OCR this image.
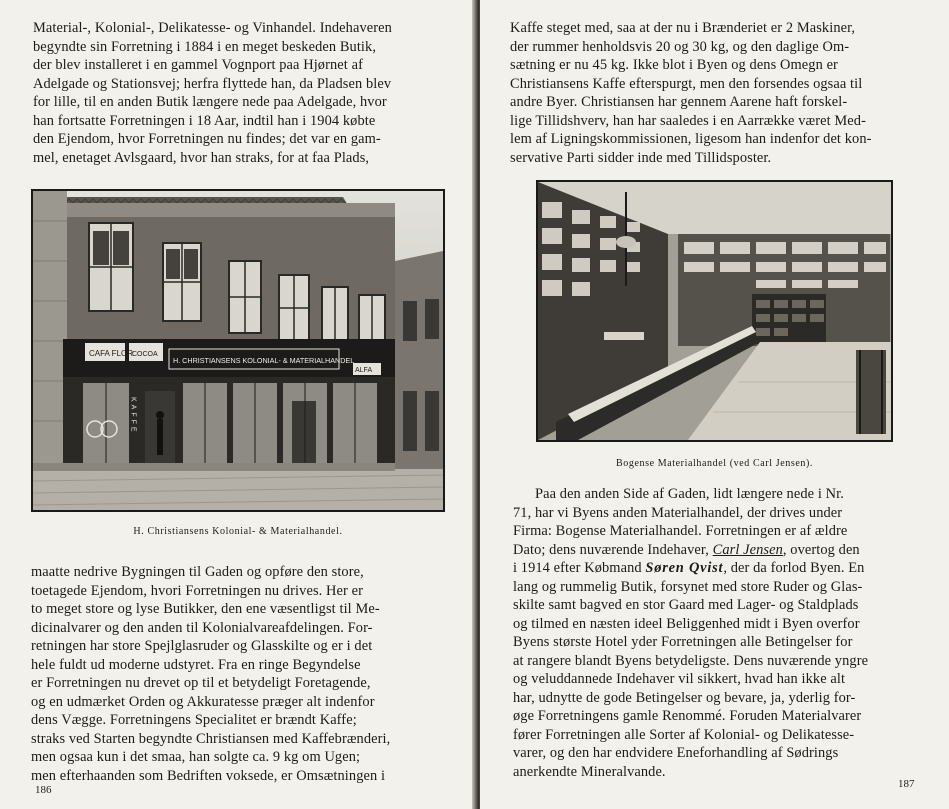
Material-, Kolonial-, Delikatesse- og Vinhandel. Indehaveren

begyndte sin Forretning i 1884 i en meget beskeden Butik,

der blev installeret i en gammel Vognport paa Hjørnet af

Adelgade og Stationsvej; herfra flyttede han, da Pladsen blev

for lille, til en anden Butik længere nede paa Adelgade, hvor

han fortsatte Forretningen i 18 Aar, indtil han i 1904 købte

den Ejendom, hvor Forretningen nu findes; det var en gam-

mel, enetaget Avlsgaard, hvor han straks, for at faa Plads,

CAFA FLOR
COCOA
H. CHRISTIANSENS KOLONIAL- & MATERIALHANDEL
ALFA
KAFFE
H. Christiansens Kolonial- & Materialhandel.

maatte nedrive Bygningen til Gaden og opføre den store,

toetagede Ejendom, hvori Forretningen nu drives. Her er

to meget store og lyse Butikker, den ene væsentligst til Me-

dicinalvarer og den anden til Kolonialvareafdelingen. For-

retningen har store Spejlglasruder og Glasskilte og er i det

hele fuldt ud moderne udstyret. Fra en ringe Begyndelse

er Forretningen nu drevet op til et betydeligt Foretagende,

og en udmærket Orden og Akkuratesse præger alt indenfor

dens Vægge. Forretningens Specialitet er brændt Kaffe;

straks ved Starten begyndte Christiansen med Kaffebrænderi,

men ogsaa kun i det smaa, han solgte ca. 9 kg om Ugen;

men efterhaanden som Bedriften voksede, er Omsætningen i

186

Kaffe steget med, saa at der nu i Brænderiet er 2 Maskiner,

der rummer henholdsvis 20 og 30 kg, og den daglige Om-

sætning er nu 45 kg. Ikke blot i Byen og dens Omegn er

Christiansens Kaffe efterspurgt, men den forsendes ogsaa til

andre Byer. Christiansen har gennem Aarene haft forskel-

lige Tillidshverv, han har saaledes i en Aarrække været Med-

lem af Ligningskommissionen, ligesom han indenfor det kon-

servative Parti sidder inde med Tillidsposter.

Bogense Materialhandel (ved Carl Jensen).

Paa den anden Side af Gaden, lidt længere nede i Nr.

71, har vi Byens anden Materialhandel, der drives under

Firma: Bogense Materialhandel. Forretningen er af ældre

Dato; dens nuværende Indehaver, Carl Jensen, overtog den

i 1914 efter Købmand Søren Qvist, der da forlod Byen. En

lang og rummelig Butik, forsynet med store Ruder og Glas-

skilte samt bagved en stor Gaard med Lager- og Staldplads

og tilmed en næsten ideel Beliggenhed midt i Byen overfor

Byens største Hotel yder Forretningen alle Betingelser for

at rangere blandt Byens betydeligste. Dens nuværende yngre

og veluddannede Indehaver vil sikkert, hvad han ikke alt

har, udnytte de gode Betingelser og bevare, ja, yderlig for-

øge Forretningens gamle Renommé. Foruden Materialvarer

fører Forretningen alle Sorter af Kolonial- og Delikatesse-

varer, og den har endvidere Eneforhandling af Sødrings

anerkendte Mineralvande.

187
